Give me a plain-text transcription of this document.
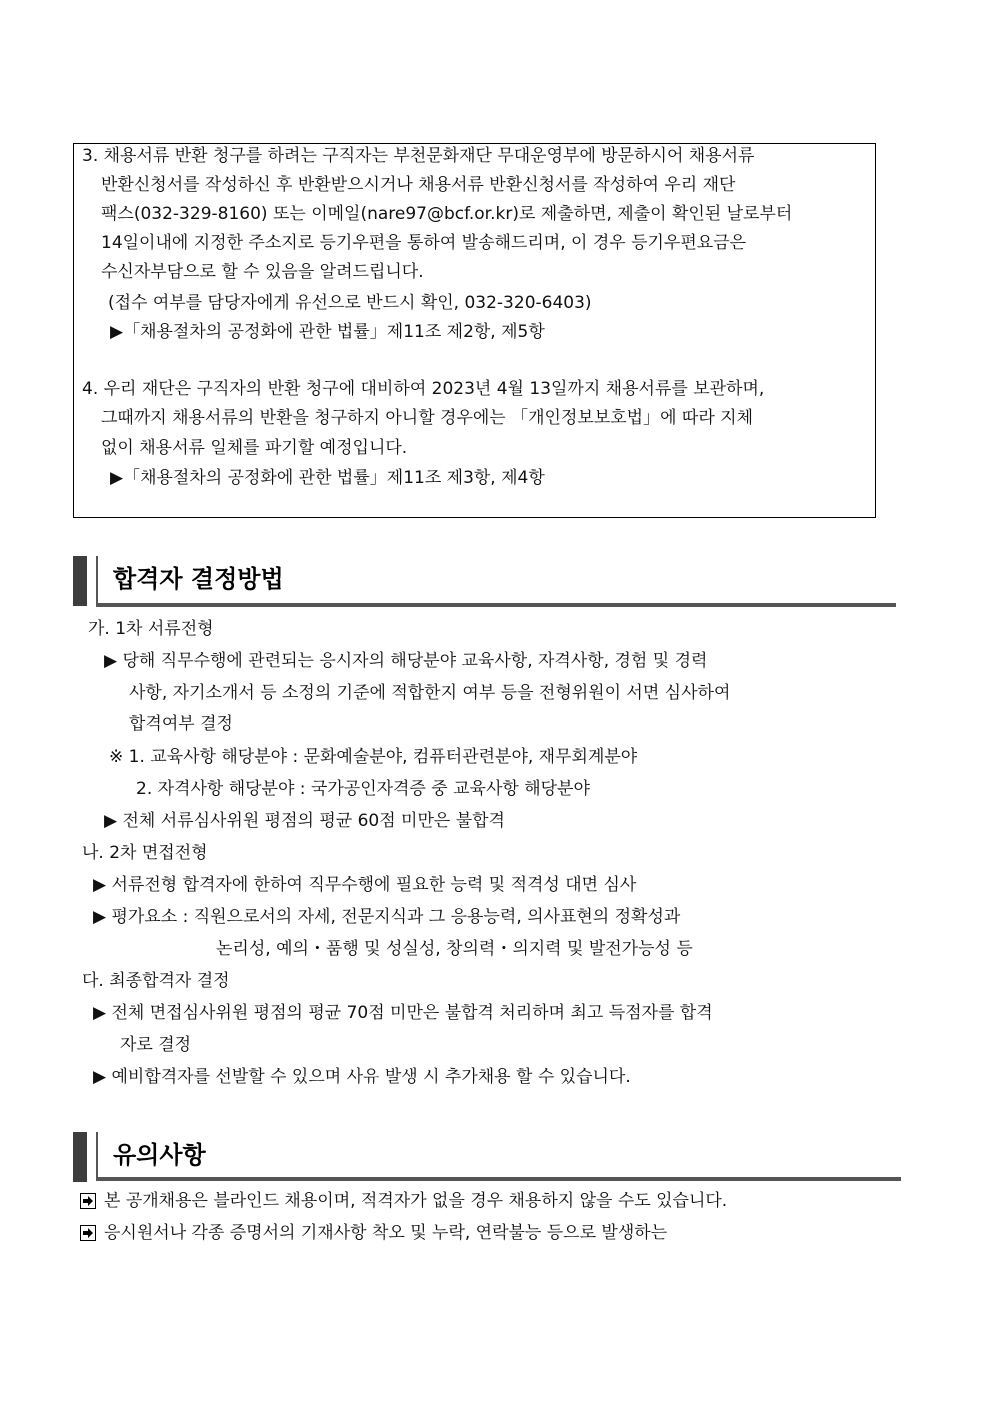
3. 채용서류 반환 청구를 하려는 구직자는 부천문화재단 무대운영부에 방문하시어 채용서류
반환신청서를 작성하신 후 반환받으시거나 채용서류 반환신청서를 작성하여 우리 재단
팩스(032-329-8160) 또는 이메일(nare97@bcf.or.kr)로 제출하면, 제출이 확인된 날로부터
14일이내에 지정한 주소지로 등기우편을 통하여 발송해드리며, 이 경우 등기우편요금은
수신자부담으로 할 수 있음을 알려드립니다.
(접수 여부를 담당자에게 유선으로 반드시 확인, 032-320-6403)
▶「채용절차의 공정화에 관한 법률」제11조 제2항, 제5항
4. 우리 재단은 구직자의 반환 청구에 대비하여 2023년 4월 13일까지 채용서류를 보관하며,
그때까지 채용서류의 반환을 청구하지 아니할 경우에는 「개인정보보호법」에 따라 지체
없이 채용서류 일체를 파기할 예정입니다.
▶「채용절차의 공정화에 관한 법률」제11조 제3항, 제4항
합격자 결정방법
가. 1차 서류전형
▶ 당해 직무수행에 관련되는 응시자의 해당분야 교육사항, 자격사항, 경험 및 경력
사항, 자기소개서 등 소정의 기준에 적합한지 여부 등을 전형위원이 서면 심사하여
합격여부 결정
※ 1. 교육사항 해당분야 : 문화예술분야, 컴퓨터관련분야, 재무회계분야
2. 자격사항 해당분야 : 국가공인자격증 중 교육사항 해당분야
▶ 전체 서류심사위원 평점의 평균 60점 미만은 불합격
나. 2차 면접전형
▶ 서류전형 합격자에 한하여 직무수행에 필요한 능력 및 적격성 대면 심사
▶ 평가요소 : 직원으로서의 자세, 전문지식과 그 응용능력, 의사표현의 정확성과
논리성, 예의・품행 및 성실성, 창의력・의지력 및 발전가능성 등
다. 최종합격자 결정
▶ 전체 면접심사위원 평점의 평균 70점 미만은 불합격 처리하며 최고 득점자를 합격
자로 결정
▶ 예비합격자를 선발할 수 있으며 사유 발생 시 추가채용 할 수 있습니다.
유의사항
본 공개채용은 블라인드 채용이며, 적격자가 없을 경우 채용하지 않을 수도 있습니다.
응시원서나 각종 증명서의 기재사항 착오 및 누락, 연락불능 등으로 발생하는
